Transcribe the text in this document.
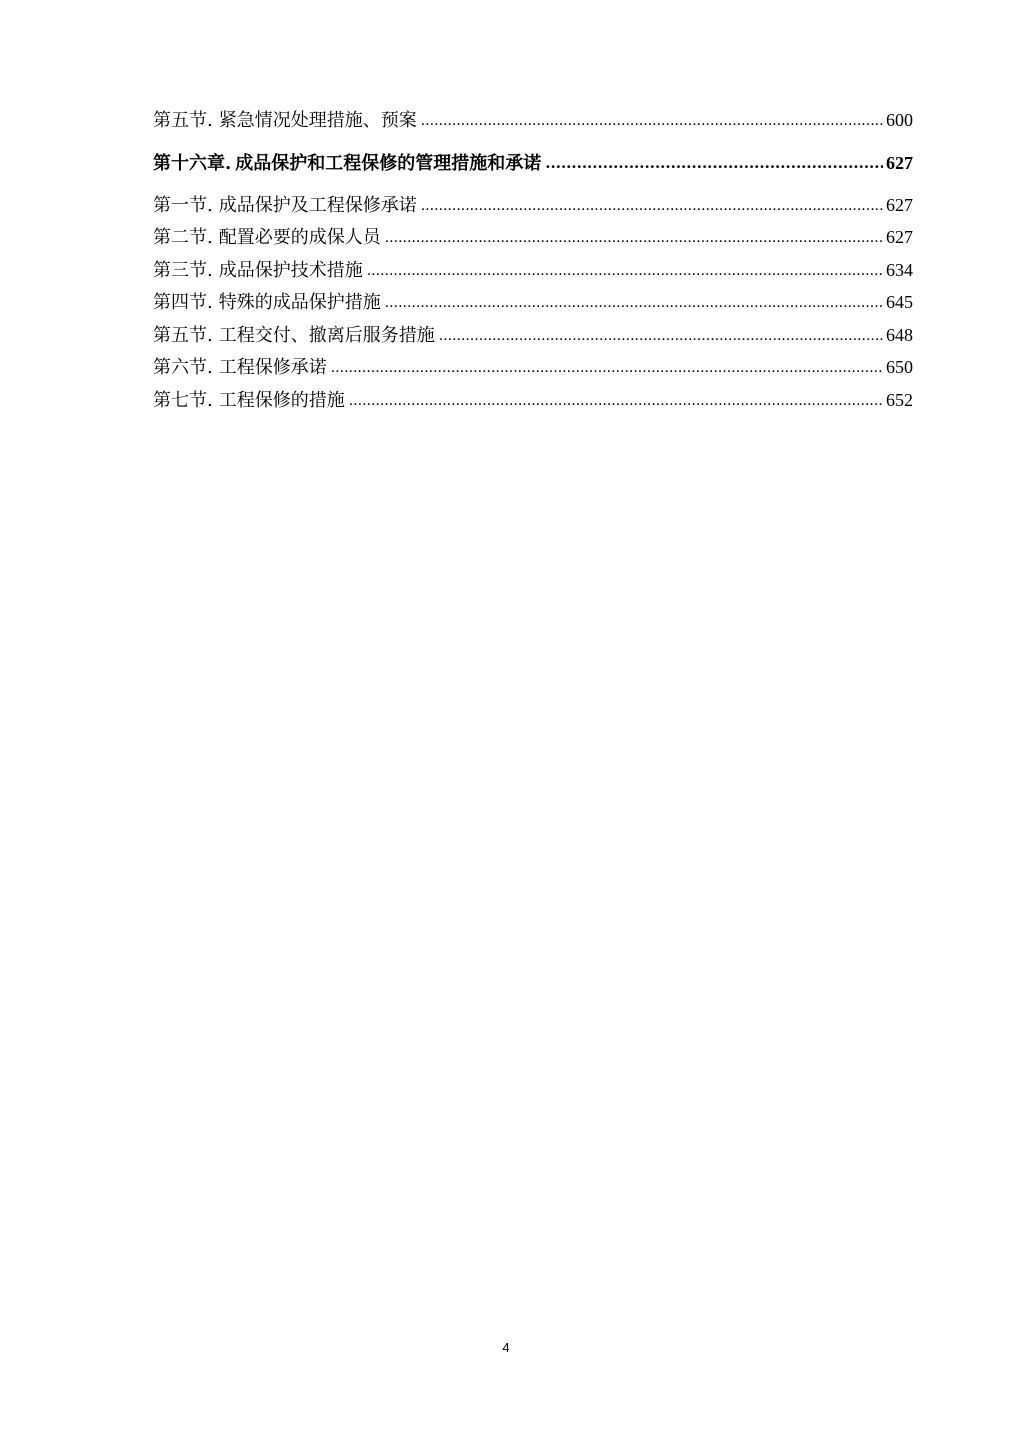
第五节. 紧急情况处理措施、预案 .....	600
第十六章. 成品保护和工程保修的管理措施和承诺 .....	627
第一节. 成品保护及工程保修承诺 .....	627
第二节. 配置必要的成保人员 .....	627
第三节. 成品保护技术措施 .....	634
第四节. 特殊的成品保护措施 .....	645
第五节. 工程交付、撤离后服务措施 .....	648
第六节. 工程保修承诺 .....	650
第七节. 工程保修的措施 .....	652
4
